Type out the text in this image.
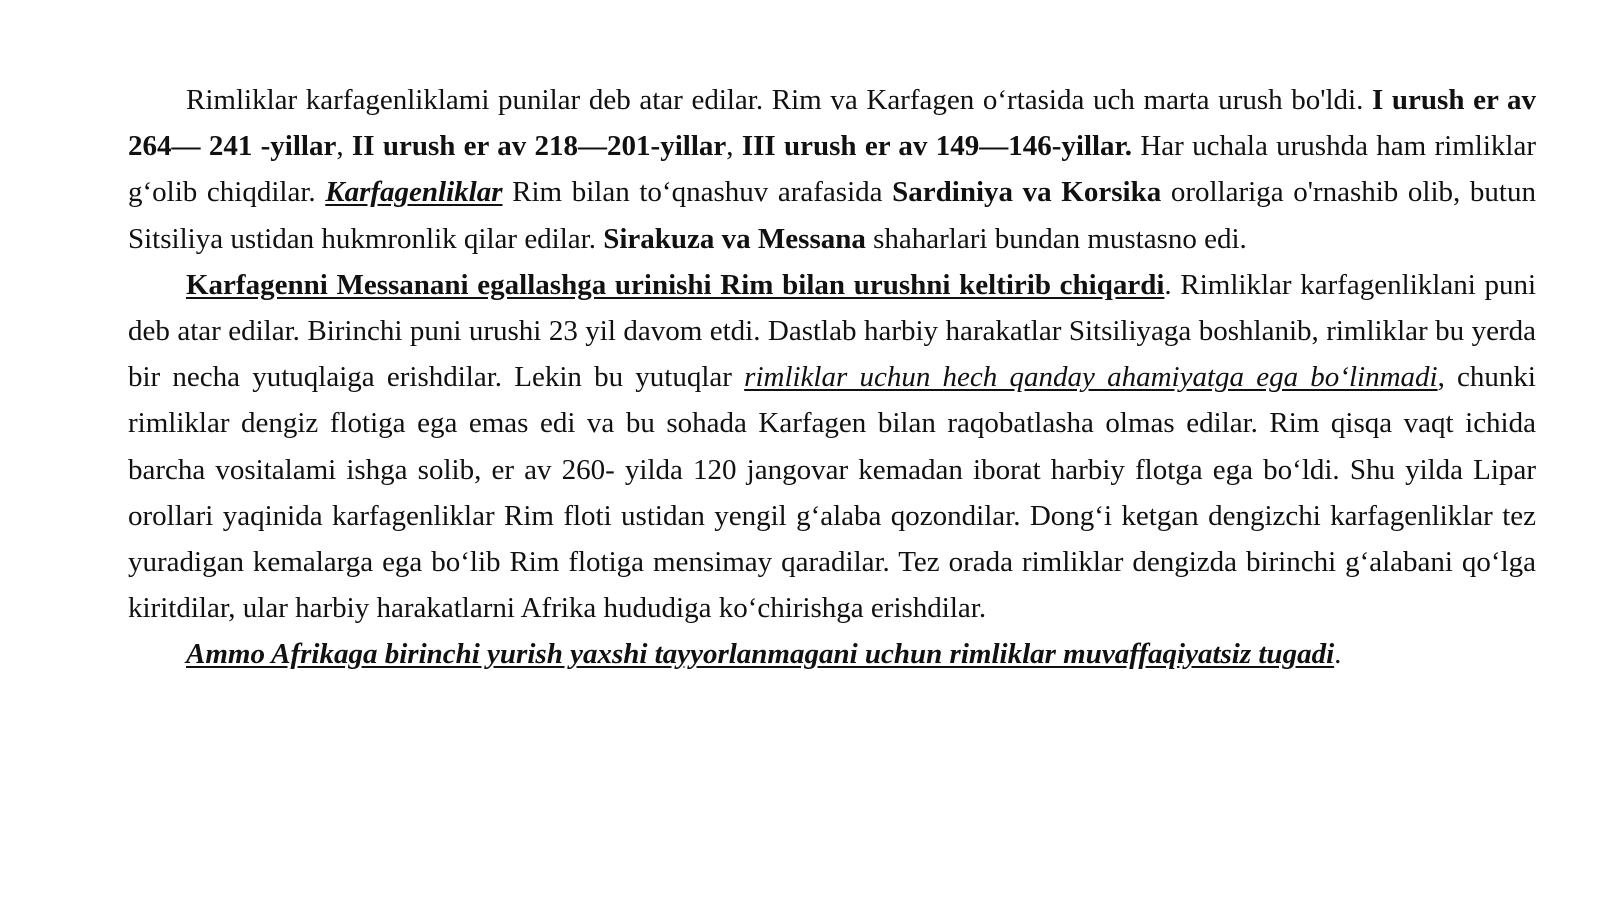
Rimliklar karfagenliklami punilar deb atar edilar. Rim va Karfagen o‘rtasida uch marta urush bo'ldi. I urush er av 264— 241 -yillar, II urush er av 218—201-yillar, III urush er av 149—146-yillar. Har uchala urushda ham rimliklar g‘olib chiqdilar. Karfagenliklar Rim bilan to‘qnashuv arafasida Sardiniya va Korsika orollariga o'rnashib olib, butun Sitsiliya ustidan hukmronlik qilar edilar. Sirakuza va Messana shaharlari bundan mustasno edi.

Karfagenni Messanani egallashga urinishi Rim bilan urushni keltirib chiqardi. Rimliklar karfagenliklani puni deb atar edilar. Birinchi puni urushi 23 yil davom etdi. Dastlab harbiy harakatlar Sitsiliyaga boshlanib, rimliklar bu yerda bir necha yutuqlaiga erishdilar. Lekin bu yutuqlar rimliklar uchun hech qanday ahamiyatga ega bo‘linmadi, chunki rimliklar dengiz flotiga ega emas edi va bu sohada Karfagen bilan raqobatlasha olmas edilar. Rim qisqa vaqt ichida barcha vositalami ishga solib, er av 260- yilda 120 jangovar kemadan iborat harbiy flotga ega bo‘ldi. Shu yilda Lipar orollari yaqinida karfagenliklar Rim floti ustidan yengil g‘alaba qozondilar. Dong‘i ketgan dengizchi karfagenliklar tez yuradigan kemalarga ega bo‘lib Rim flotiga mensimay qaradilar. Tez orada rimliklar dengizda birinchi g‘alabani qo‘lga kiritdilar, ular harbiy harakatlarni Afrika hududiga ko‘chirishga erishdilar.

Ammo Afrikaga birinchi yurish yaxshi tayyorlanmagani uchun rimliklar muvaffaqiyatsiz tugadi.
